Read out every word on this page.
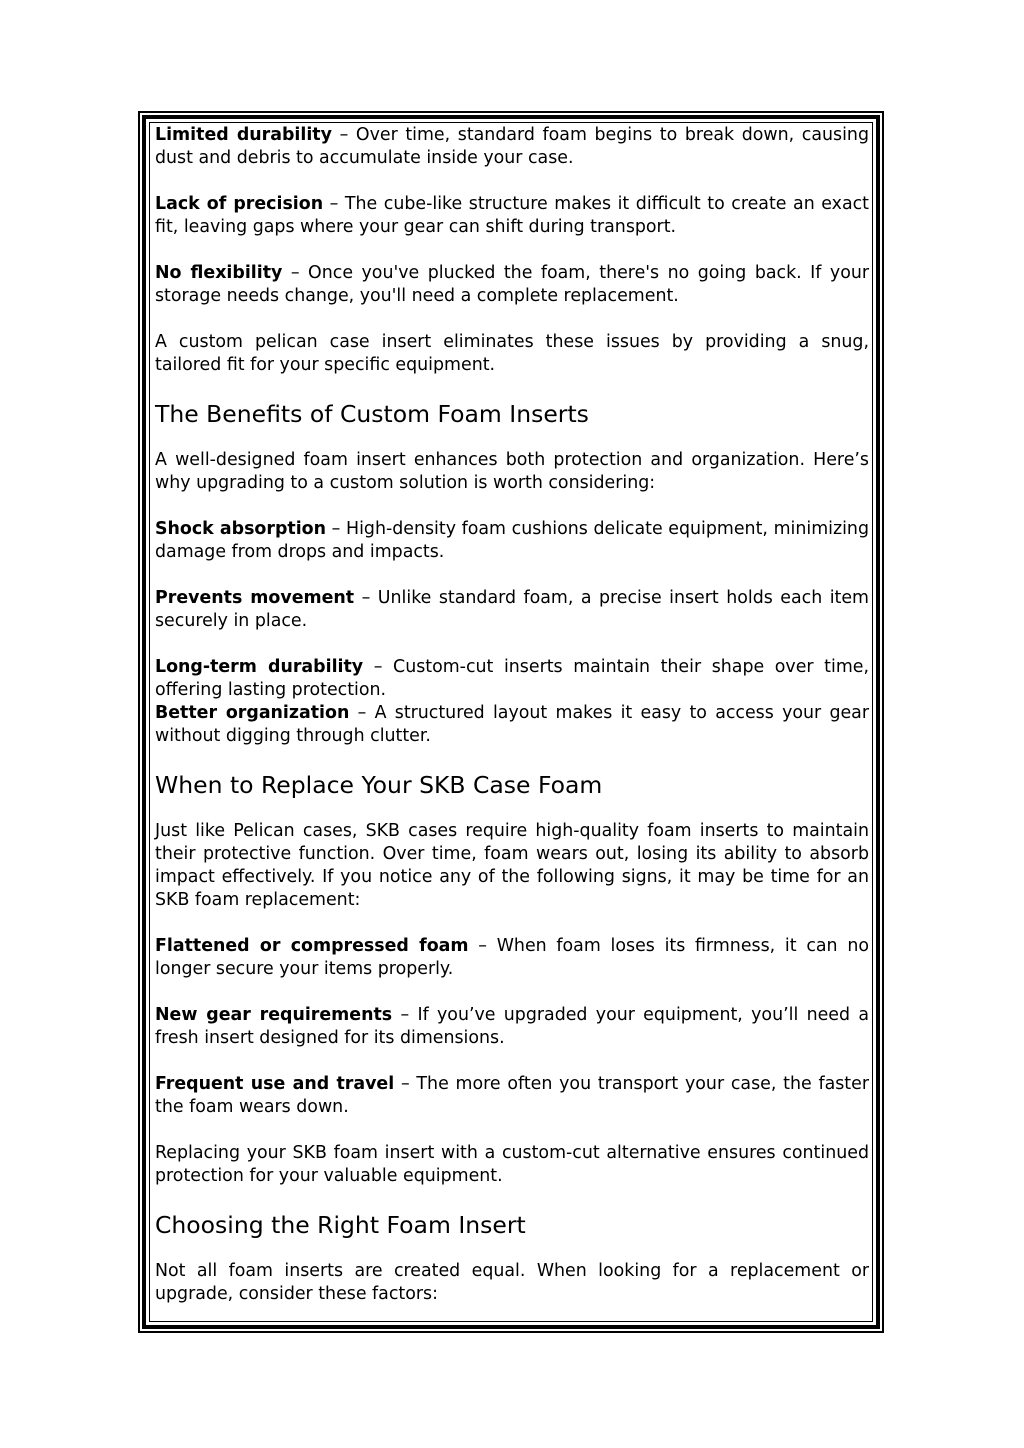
Limited durability – Over time, standard foam begins to break down, causing dust and debris to accumulate inside your case.

Lack of precision – The cube-like structure makes it difficult to create an exact fit, leaving gaps where your gear can shift during transport.

No flexibility – Once you've plucked the foam, there's no going back. If your storage needs change, you'll need a complete replacement.

A custom pelican case insert eliminates these issues by providing a snug, tailored fit for your specific equipment.

The Benefits of Custom Foam Inserts

A well-designed foam insert enhances both protection and organization. Here’s why upgrading to a custom solution is worth considering:

Shock absorption – High-density foam cushions delicate equipment, minimizing damage from drops and impacts.

Prevents movement – Unlike standard foam, a precise insert holds each item securely in place.

Long-term durability – Custom-cut inserts maintain their shape over time, offering lasting protection.

Better organization – A structured layout makes it easy to access your gear without digging through clutter.

When to Replace Your SKB Case Foam

Just like Pelican cases, SKB cases require high-quality foam inserts to maintain their protective function. Over time, foam wears out, losing its ability to absorb impact effectively. If you notice any of the following signs, it may be time for an SKB foam replacement:

Flattened or compressed foam – When foam loses its firmness, it can no longer secure your items properly.

New gear requirements – If you’ve upgraded your equipment, you’ll need a fresh insert designed for its dimensions.

Frequent use and travel – The more often you transport your case, the faster the foam wears down.

Replacing your SKB foam insert with a custom-cut alternative ensures continued protection for your valuable equipment.

Choosing the Right Foam Insert

Not all foam inserts are created equal. When looking for a replacement or upgrade, consider these factors:
